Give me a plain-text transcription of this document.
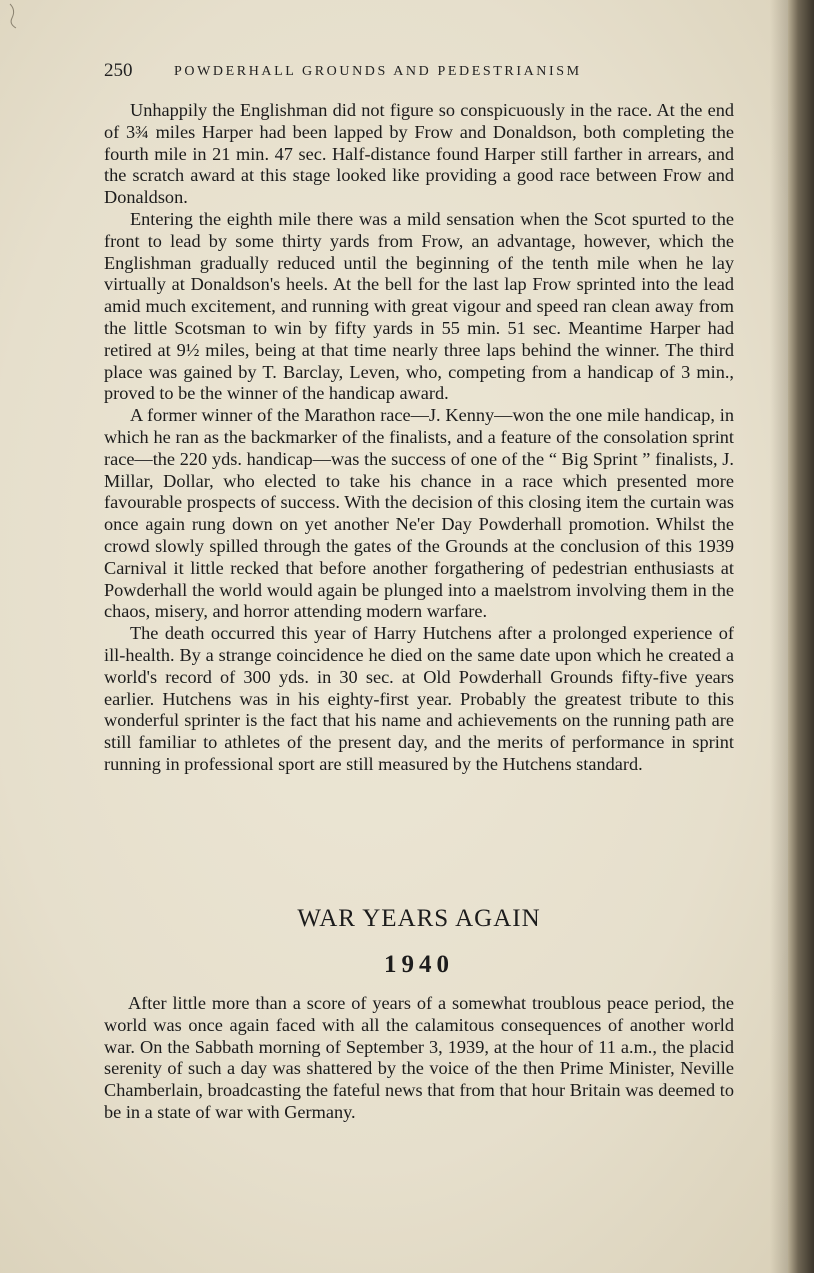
250	POWDERHALL GROUNDS AND PEDESTRIANISM

Unhappily the Englishman did not figure so conspicuously in the race. At the end of 3¾ miles Harper had been lapped by Frow and Donaldson, both completing the fourth mile in 21 min. 47 sec. Half-distance found Harper still farther in arrears, and the scratch award at this stage looked like providing a good race between Frow and Donaldson.

Entering the eighth mile there was a mild sensation when the Scot spurted to the front to lead by some thirty yards from Frow, an advantage, however, which the Englishman gradually reduced until the beginning of the tenth mile when he lay virtually at Donaldson's heels. At the bell for the last lap Frow sprinted into the lead amid much excitement, and running with great vigour and speed ran clean away from the little Scotsman to win by fifty yards in 55 min. 51 sec. Meantime Harper had retired at 9½ miles, being at that time nearly three laps behind the winner. The third place was gained by T. Barclay, Leven, who, competing from a handicap of 3 min., proved to be the winner of the handicap award.

A former winner of the Marathon race—J. Kenny—won the one mile handicap, in which he ran as the backmarker of the finalists, and a feature of the consolation sprint race—the 220 yds. handicap—was the success of one of the “ Big Sprint ” finalists, J. Millar, Dollar, who elected to take his chance in a race which presented more favourable prospects of success. With the decision of this closing item the curtain was once again rung down on yet another Ne'er Day Powderhall promotion. Whilst the crowd slowly spilled through the gates of the Grounds at the conclusion of this 1939 Carnival it little recked that before another forgathering of pedestrian enthusiasts at Powderhall the world would again be plunged into a maelstrom involving them in the chaos, misery, and horror attending modern warfare.

The death occurred this year of Harry Hutchens after a prolonged experience of ill-health. By a strange coincidence he died on the same date upon which he created a world's record of 300 yds. in 30 sec. at Old Powderhall Grounds fifty-five years earlier. Hutchens was in his eighty-first year. Probably the greatest tribute to this wonderful sprinter is the fact that his name and achievements on the running path are still familiar to athletes of the present day, and the merits of performance in sprint running in professional sport are still measured by the Hutchens standard.

WAR YEARS AGAIN
1940

After little more than a score of years of a somewhat troublous peace period, the world was once again faced with all the calamitous consequences of another world war. On the Sabbath morning of September 3, 1939, at the hour of 11 a.m., the placid serenity of such a day was shattered by the voice of the then Prime Minister, Neville Chamberlain, broadcasting the fateful news that from that hour Britain was deemed to be in a state of war with Germany.
